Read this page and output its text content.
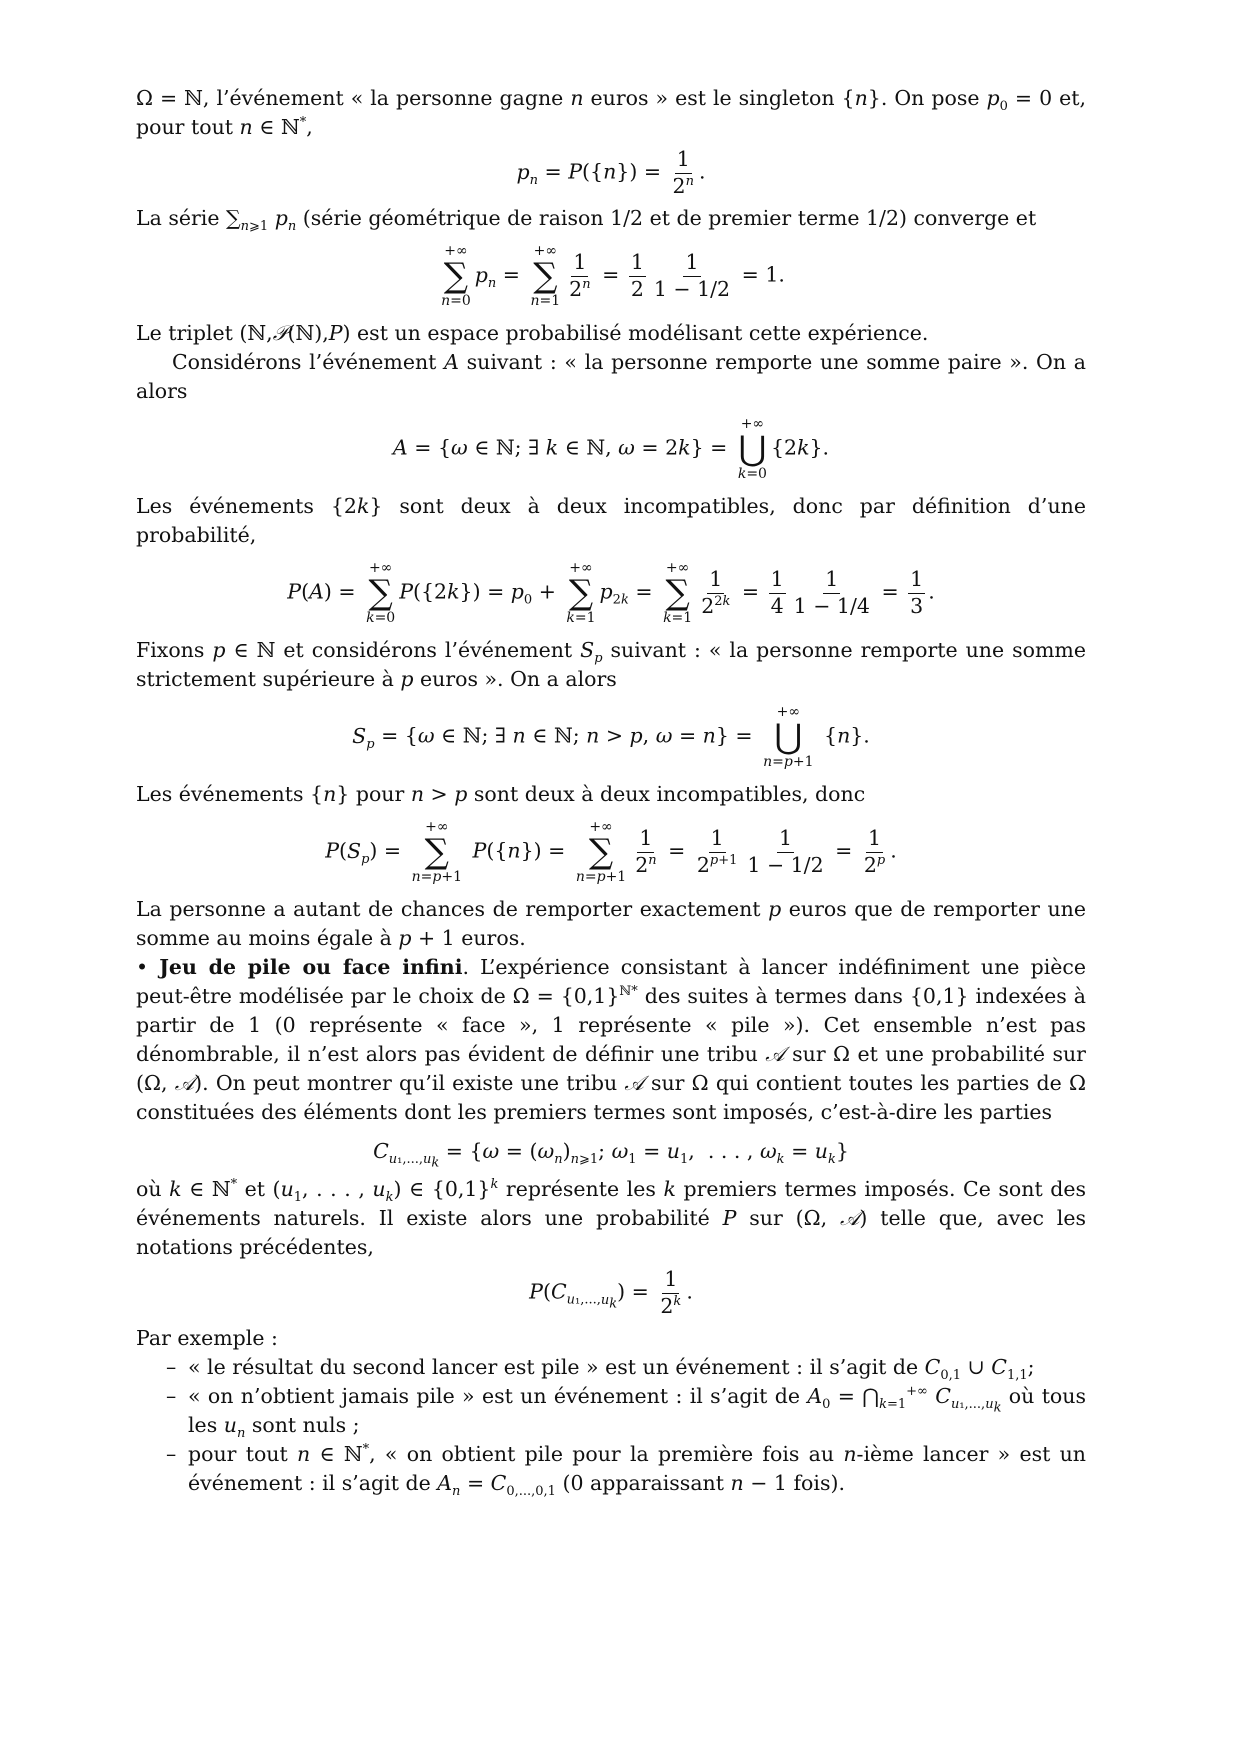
Ω = ℕ, l’événement « la personne gagne n euros » est le singleton {n}. On pose $p_0 = 0$ et, pour tout n ∈ ℕ*,

$p_n = P(\{n\}) = \frac{1}{2^n}$ .

La série $\sum_{n⩾1}$ $p_n$ (série géométrique de raison 1/2 et de premier terme 1/2) converge et

+∞
∑
n=0
$p_n$ =
+∞
∑
$n=1 \frac{1}{2^n} = \frac{1}{2} \frac{1}{1 - 1/2} = 1$.

Le triplet (ℕ,𝒫(ℕ),P) est un espace probabilisé modélisant cette expérience.

Considérons l’événement A suivant : « la personne remporte une somme paire ». On a alors

A = {ω ∈ ℕ; ∃ k ∈ ℕ, ω = 2k} =
+∞
⋃
k=0
{2k}.

Les événements {2k} sont deux à deux incompatibles, donc par définition d’une probabilité,

P(A) =
+∞
∑
k=0
$P(\{2k\}) = p_0$ +
+∞
∑
k=1
$p_{2k}$ =
+∞
∑
$k=1 \frac{1}{2^{2k}} = \frac{1}{4} \frac{1}{1 - 1/4} = \frac{1}{3}$ .

Fixons p ∈ ℕ et considérons l’événement $S_p$ suivant : « la personne remporte une somme strictement supérieure à p euros ». On a alors

$S_p = \{\omega$ ∈ ℕ; ∃ n ∈ ℕ; n > p, ω = n} =
+∞
⋃
n=p+1
{n}.

Les événements {n} pour n > p sont deux à deux incompatibles, donc

$P(S_p)$ =
+∞
∑
n=p+1
P({n}) =
+∞
∑
$n=p+1 \frac{1}{2^n} = \frac{1}{2^{p+1}} \frac{1}{1 - 1/2} = \frac{1}{2^p}$ .

La personne a autant de chances de remporter exactement p euros que de remporter une somme au moins égale à p + 1 euros.

• Jeu de pile ou face infini. L’expérience consistant à lancer indéfiniment une pièce peut-être modélisée par le choix de $\Omega = \{0,1\}^{ℕ*}$ des suites à termes dans {0,1} indexées à partir de 1 (0 représente « face », 1 représente « pile »). Cet ensemble n’est pas dénombrable, il n’est alors pas évident de définir une tribu 𝒜 sur Ω et une probabilité sur (Ω, 𝒜). On peut montrer qu’il existe une tribu 𝒜 sur Ω qui contient toutes les parties de Ω constituées des éléments dont les premiers termes sont imposés, c’est-à-dire les parties

$C_{u_1,...,u_k} = \{\omega = (\omega_n)_{n⩾1}$; $\omega_1 = u_1$,  . . . , $\omega_k = u_k$}

où k ∈ ℕ* et ($u_1$, . . . , $u_k$) ∈ $\{0,1\}^k$ représente les k premiers termes imposés. Ce sont des événements naturels. Il existe alors une probabilité P sur (Ω, 𝒜) telle que, avec les notations précédentes,

$P(C_{u_1,...,u_k}) = \frac{1}{2^k}$ .

Par exemple :

– « le résultat du second lancer est pile » est un événement : il s’agit de $C_{0,1}$ ∪ $C_{1,1}$;
– « on n’obtient jamais pile » est un événement : il s’agit de $A_0$ = $⋂_{k=1}^{+\infty}$ $C_{u_1,...,u_k}$ où tous les $u_n$ sont nuls ;
– pour tout n ∈ ℕ*, « on obtient pile pour la première fois au n-ième lancer » est un événement : il s’agit de $A_n = C_{0,...,0,1}$ (0 apparaissant n − 1 fois).
